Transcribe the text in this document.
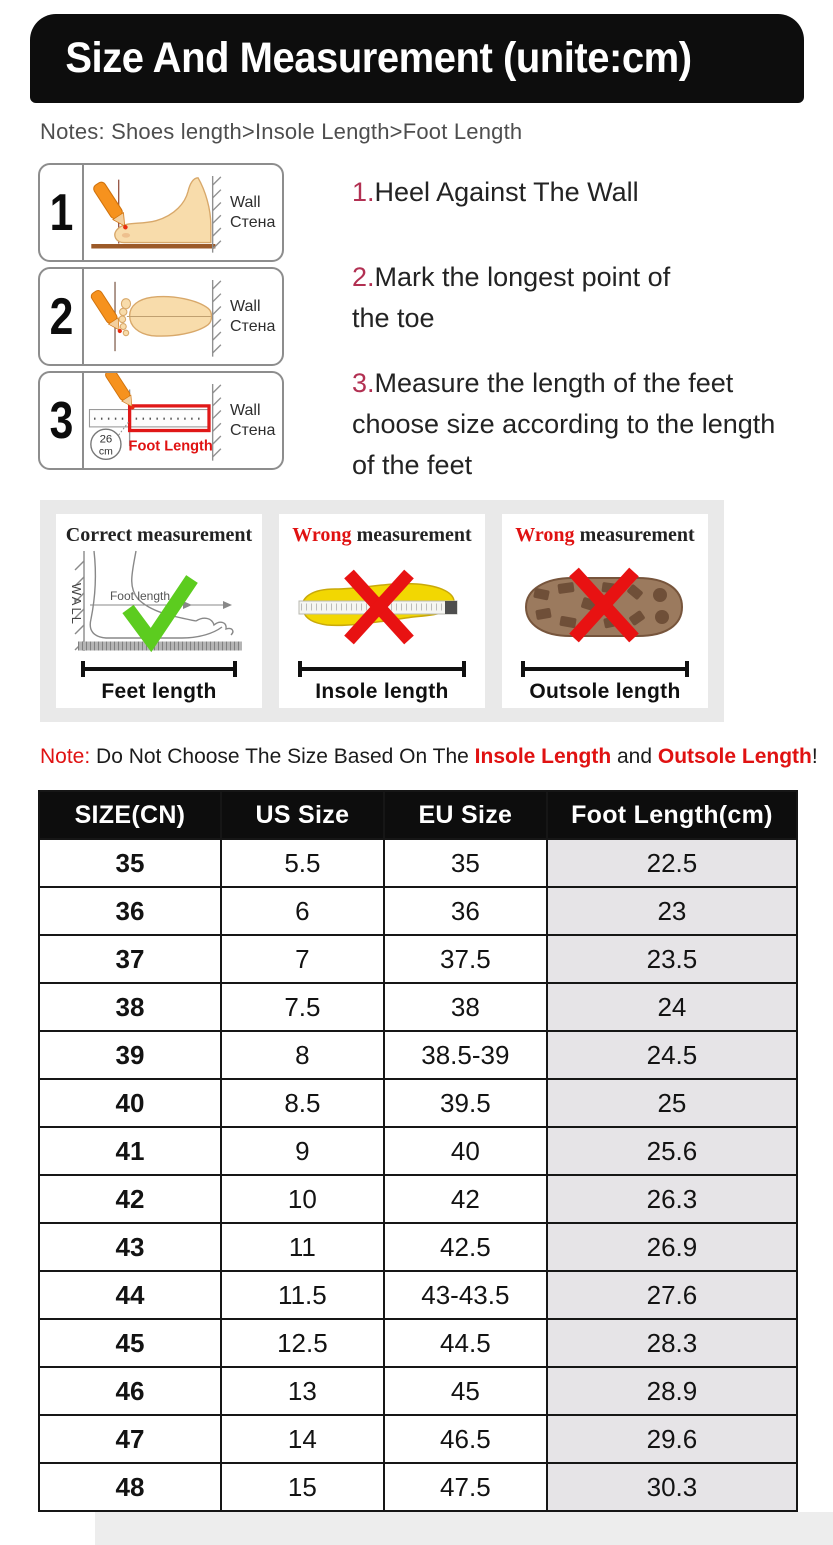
Size And Measurement (unite:cm)
Notes: Shoes length>Insole Length>Foot Length
1	Wall
Стена
2	Wall
Стена
3 26
cm Foot Length
Wall
Стена
1.Heel Against The Wall
2.Mark the longest point of the toe
3.Measure the length of the feet choose size according to the length of the feet
Correct measurement
WALL Foot length
Feet length
Wrong measurement
Insole length
Wrong measurement
Outsole length
Note: Do Not Choose The Size Based On The Insole Length and Outsole Length!
SIZE(CN)	US Size	EU Size	Foot Length(cm)
35	5.5	35	22.5
36	6	36	23
37	7	37.5	23.5
38	7.5	38	24
39	8	38.5-39	24.5
40	8.5	39.5	25
41	9	40	25.6
42	10	42	26.3
43	11	42.5	26.9
44	11.5	43-43.5	27.6
45	12.5	44.5	28.3
46	13	45	28.9
47	14	46.5	29.6
48	15	47.5	30.3
